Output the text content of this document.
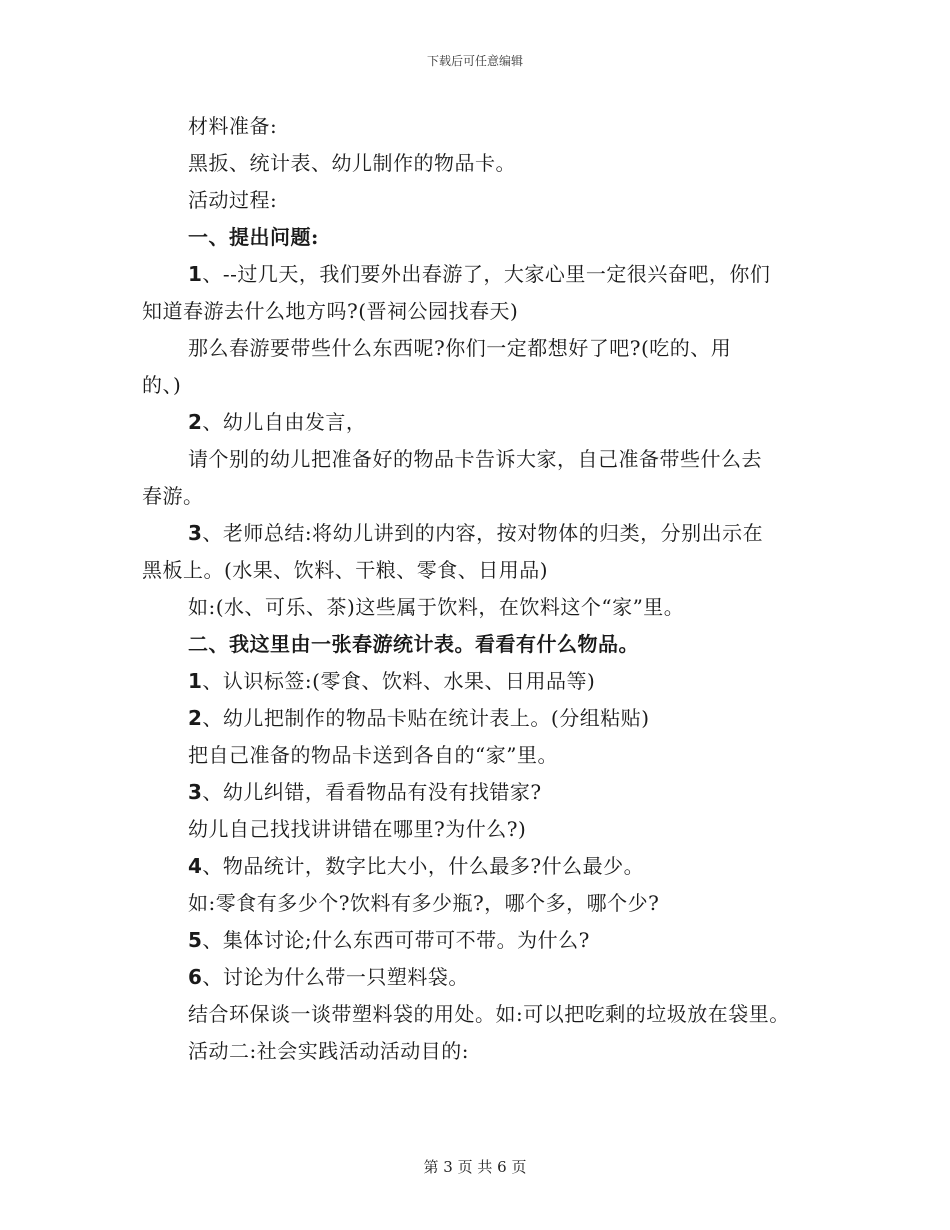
下载后可任意编辑
材料准备:
黑扳、统计表、幼儿制作的物品卡。
活动过程:
一、提出问题:
1、--过几天，我们要外出春游了，大家心里一定很兴奋吧，你们
知道春游去什么地方吗?(晋祠公园找春天)
那么春游要带些什么东西呢?你们一定都想好了吧?(吃的、用
的、)
2、幼儿自由发言，
请个别的幼儿把准备好的物品卡告诉大家，自己准备带些什么去
春游。
3、老师总结:将幼儿讲到的内容，按对物体的归类，分别出示在
黑板上。(水果、饮料、干粮、零食、日用品)
如:(水、可乐、茶)这些属于饮料，在饮料这个“家”里。
二、我这里由一张春游统计表。看看有什么物品。
1、认识标签:(零食、饮料、水果、日用品等)
2、幼儿把制作的物品卡贴在统计表上。(分组粘贴)
把自己准备的物品卡送到各自的“家”里。
3、幼儿纠错，看看物品有没有找错家?
幼儿自己找找讲讲错在哪里?为什么?)
4、物品统计，数字比大小，什么最多?什么最少。
如:零食有多少个?饮料有多少瓶?，哪个多，哪个少?
5、集体讨论;什么东西可带可不带。为什么?
6、讨论为什么带一只塑料袋。
结合环保谈一谈带塑料袋的用处。如:可以把吃剩的垃圾放在袋里。
活动二:社会实践活动活动目的:
第 3 页 共 6 页
